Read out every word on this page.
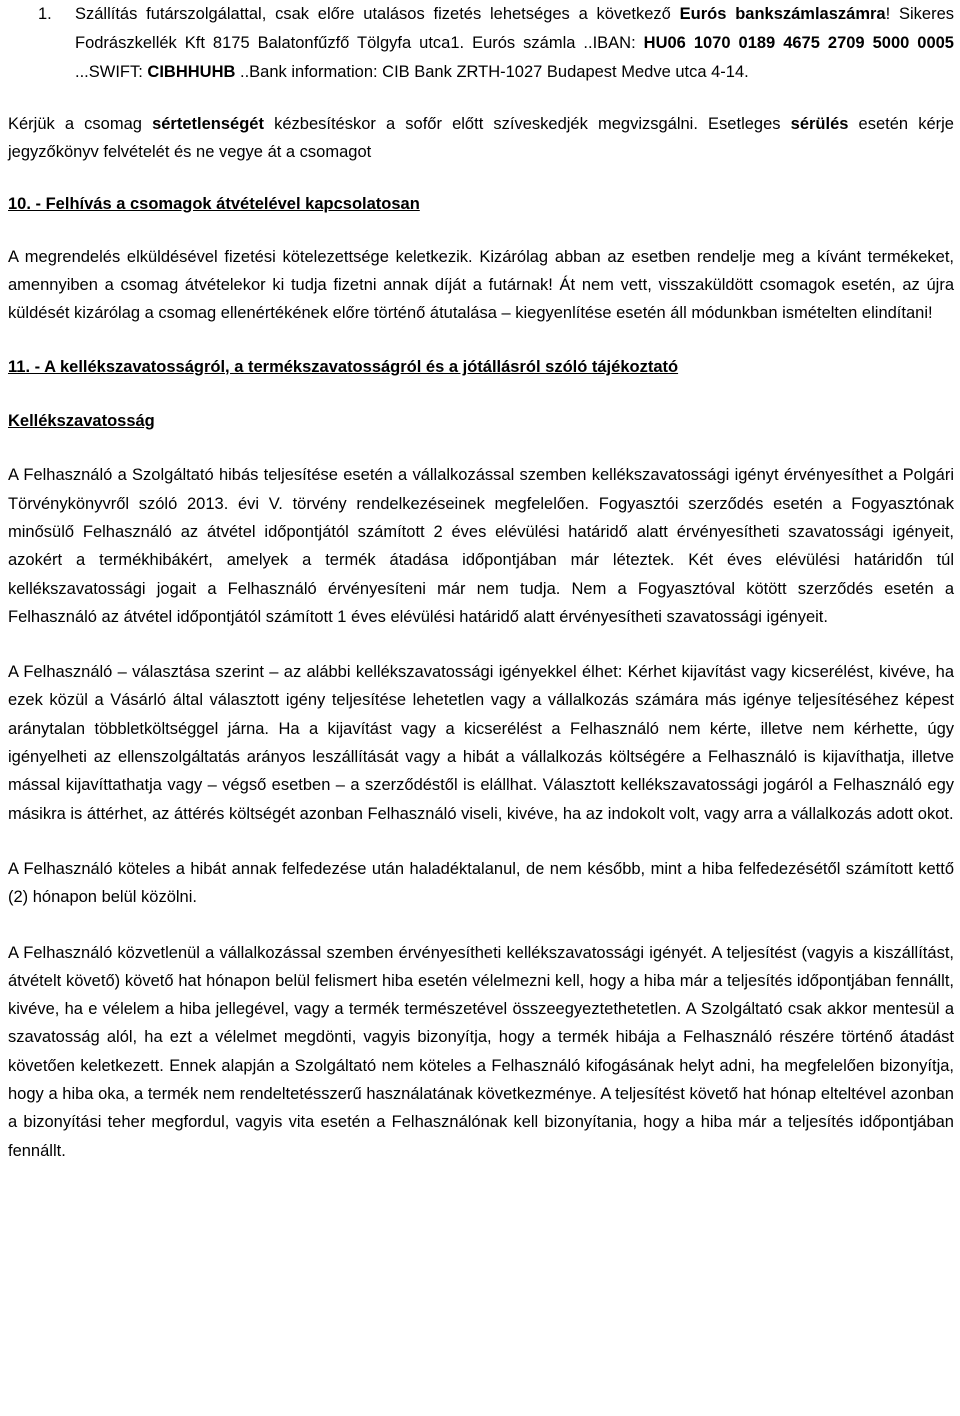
1.	Szállítás futárszolgálattal, csak előre utalásos fizetés lehetséges a következő Eurós bankszámlaszámra! Sikeres Fodrászkellék Kft 8175 Balatonfűzfő Tölgyfa utca1. Eurós számla ..IBAN: HU06 1070 0189 4675 2709 5000 0005 ...SWIFT: CIBHHUHB ..Bank information: CIB Bank ZRTH-1027 Budapest Medve utca 4-14.

Kérjük a csomag sértetlenségét kézbesítéskor a sofőr előtt szíveskedjék megvizsgálni. Esetleges sérülés esetén kérje jegyzőkönyv felvételét és ne vegye át a csomagot

10. - Felhívás a csomagok átvételével kapcsolatosan

A megrendelés elküldésével fizetési kötelezettsége keletkezik. Kizárólag abban az esetben rendelje meg a kívánt termékeket, amennyiben a csomag átvételekor ki tudja fizetni annak díját a futárnak! Át nem vett, visszaküldött csomagok esetén, az újra küldését kizárólag a csomag ellenértékének előre történő átutalása – kiegyenlítése esetén áll módunkban ismételten elindítani!

11. - A kellékszavatosságról, a termékszavatosságról és a jótállásról szóló tájékoztató

Kellékszavatosság

A Felhasználó a Szolgáltató hibás teljesítése esetén a vállalkozással szemben kellékszavatossági igényt érvényesíthet a Polgári Törvénykönyvről szóló 2013. évi V. törvény rendelkezéseinek megfelelően. Fogyasztói szerződés esetén a Fogyasztónak minősülő Felhasználó az átvétel időpontjától számított 2 éves elévülési határidő alatt érvényesítheti szavatossági igényeit, azokért a termékhibákért, amelyek a termék átadása időpontjában már léteztek. Két éves elévülési határidőn túl kellékszavatossági jogait a Felhasználó érvényesíteni már nem tudja. Nem a Fogyasztóval kötött szerződés esetén a Felhasználó az átvétel időpontjától számított 1 éves elévülési határidő alatt érvényesítheti szavatossági igényeit.

A Felhasználó – választása szerint – az alábbi kellékszavatossági igényekkel élhet: Kérhet kijavítást vagy kicserélést, kivéve, ha ezek közül a Vásárló által választott igény teljesítése lehetetlen vagy a vállalkozás számára más igénye teljesítéséhez képest aránytalan többletköltséggel járna. Ha a kijavítást vagy a kicserélést a Felhasználó nem kérte, illetve nem kérhette, úgy igényelheti az ellenszolgáltatás arányos leszállítását vagy a hibát a vállalkozás költségére a Felhasználó is kijavíthatja, illetve mással kijavíttathatja vagy – végső esetben – a szerződéstől is elállhat. Választott kellékszavatossági jogáról a Felhasználó egy másikra is áttérhet, az áttérés költségét azonban Felhasználó viseli, kivéve, ha az indokolt volt, vagy arra a vállalkozás adott okot.

A Felhasználó köteles a hibát annak felfedezése után haladéktalanul, de nem később, mint a hiba felfedezésétől számított kettő (2) hónapon belül közölni.

A Felhasználó közvetlenül a vállalkozással szemben érvényesítheti kellékszavatossági igényét. A teljesítést (vagyis a kiszállítást, átvételt követő) követő hat hónapon belül felismert hiba esetén vélelmezni kell, hogy a hiba már a teljesítés időpontjában fennállt, kivéve, ha e vélelem a hiba jellegével, vagy a termék természetével összeegyeztethetetlen. A Szolgáltató csak akkor mentesül a szavatosság alól, ha ezt a vélelmet megdönti, vagyis bizonyítja, hogy a termék hibája a Felhasználó részére történő átadást követően keletkezett. Ennek alapján a Szolgáltató nem köteles a Felhasználó kifogásának helyt adni, ha megfelelően bizonyítja, hogy a hiba oka, a termék nem rendeltetésszerű használatának következménye. A teljesítést követő hat hónap elteltével azonban a bizonyítási teher megfordul, vagyis vita esetén a Felhasználónak kell bizonyítania, hogy a hiba már a teljesítés időpontjában fennállt.
